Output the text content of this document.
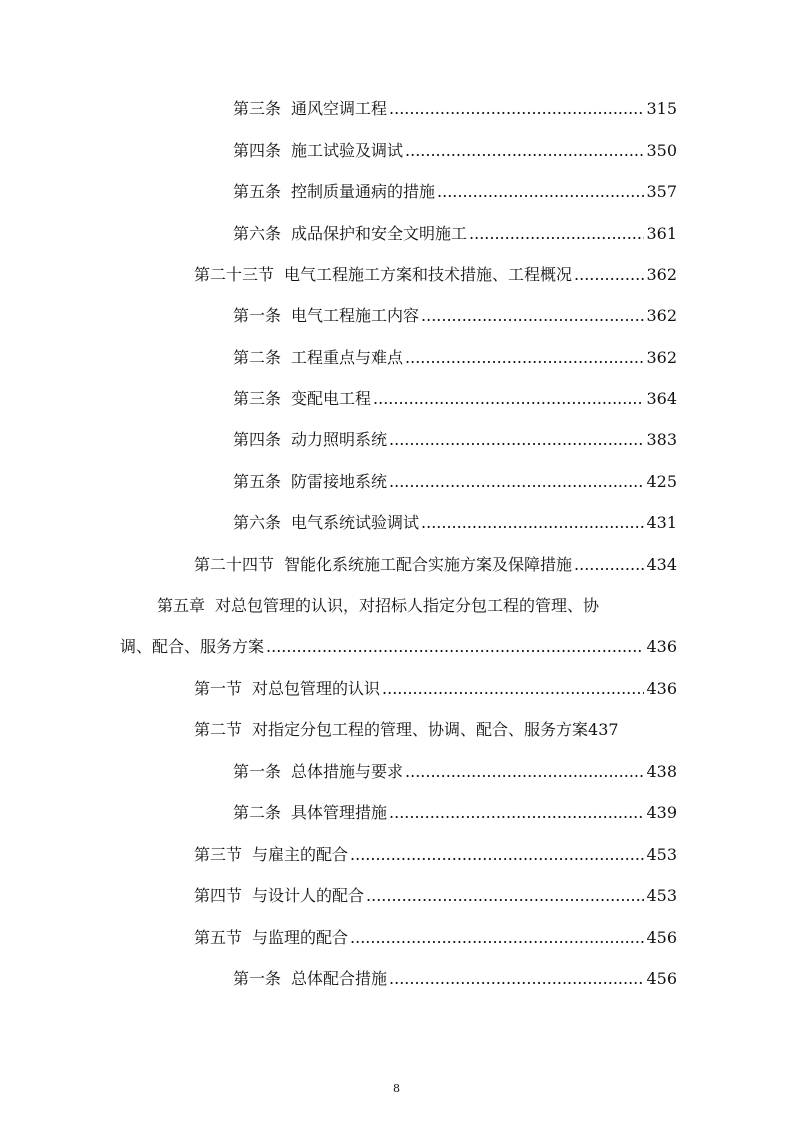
第三条 通风空调工程 .....	315
第四条 施工试验及调试 .....	350
第五条 控制质量通病的措施 .....	357
第六条 成品保护和安全文明施工 .....	361
第二十三节 电气工程施工方案和技术措施、工程概况 .....	362
第一条 电气工程施工内容 .....	362
第二条 工程重点与难点 .....	362
第三条 变配电工程 .....	364
第四条 动力照明系统 .....	383
第五条 防雷接地系统 .....	425
第六条 电气系统试验调试 .....	431
第二十四节 智能化系统施工配合实施方案及保障措施 .....	434
第五章 对总包管理的认识，对招标人指定分包工程的管理、协
调、配合、服务方案 .....	436
第一节 对总包管理的认识 .....	436
第二节 对指定分包工程的管理、协调、配合、服务方案 437
第一条 总体措施与要求 .....	438
第二条 具体管理措施 .....	439
第三节 与雇主的配合 .....	453
第四节 与设计人的配合 .....	453
第五节 与监理的配合 .....	456
第一条 总体配合措施 .....	456
8
